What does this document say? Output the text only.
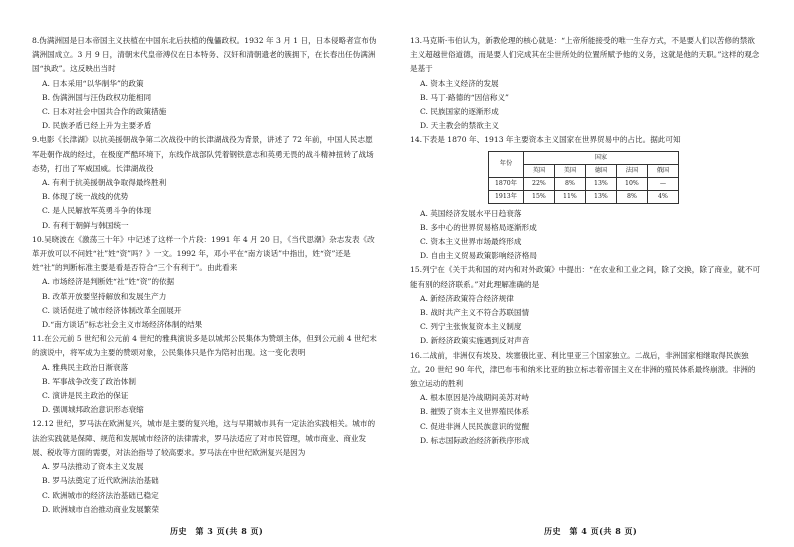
8.伪满洲国是日本帝国主义扶植在中国东北后扶植的傀儡政权。1932 年 3 月 1 日，日本侵略者宣布伪满洲国成立。3 月 9 日，清朝末代皇帝溥仪在日本特务、汉奸和清朝遗老的簇拥下，在长春出任伪满洲国“执政”。这反映出当时

A. 日本采用“以华制华”的政策

B. 伪满洲国与汪伪政权功能相同

C. 日本对社会中国共合作的政策措施

D. 民族矛盾已经上升为主要矛盾

9.电影《长津湖》以抗美援朝战争第二次战役中的长津湖战役为背景，讲述了 72 年前，中国人民志愿军赴朝作战的经过，在极度严酷环境下，东线作战部队凭着钢铁意志和英勇无畏的战斗精神扭转了战场态势，打出了军威国威。长津湖战役

A. 有利于抗美援朝战争取得最终胜利

B. 体现了统一战线的优势

C. 是人民解放军英勇斗争的体现

D. 有利于朝鲜与韩国统一

10.吴晓波在《激荡三十年》中记述了这样一个片段：1991 年 4 月 20 日，《当代思潮》杂志发表《改革开放可以不问姓“社”姓“资”吗？》一文。1992 年，邓小平在“南方谈话”中指出，姓“资”还是姓“社”的判断标准主要是看是否符合“三个有利于”。由此看来

A. 市场经济是判断姓“社”姓“资”的依据

B. 改革开放要坚持解放和发展生产力

C. 谈话促进了城市经济体制改革全面展开

D.“南方谈话”标志社会主义市场经济体制的结果

11.在公元前 5 世纪和公元前 4 世纪的雅典演说多是以城邦公民集体为赞颂主体，但到公元前 4 世纪末的演说中，将军成为主要的赞颂对象，公民集体只是作为陪衬出现。这一变化表明

A. 雅典民主政治日渐衰落

B. 军事战争改变了政治体制

C. 演讲是民主政治的保证

D. 强调城邦政治意识形态衰缩

12.12 世纪，罗马法在欧洲复兴，城市是主要的复兴地，这与早期城市具有一定法治实践相关。城市的法治实践就是保障、规范和发展城市经济的法律需求，罗马法适应了对市民管理，城市商业、商业发展、税收等方面的需要，对法治指导了较高要求。罗马法在中世纪欧洲复兴是因为

A. 罗马法推动了资本主义发展

B. 罗马法奠定了近代欧洲法治基础

C. 欧洲城市的经济法治基础已稳定

D. 欧洲城市自治推动商业发展繁荣

13.马克斯·韦伯认为，新教伦理的核心就是：“上帝所能接受的唯一生存方式，不是要人们以苦修的禁欲主义超越世俗道德，而是要人们完成其在尘世所处的位置所赋予他的义务，这就是他的天职。”这样的观念是基于

A. 资本主义经济的发展

B. 马丁·路德的“因信称义”

C. 民族国家的逐渐形成

D. 天主教会的禁欲主义

14.下表是 1870 年、1913 年主要资本主义国家在世界贸易中的占比。据此可知

年份	国家				
	英国	美国	德国	法国	俄国
1870年	22%	8%	13%	10%	—
1913年	15%	11%	13%	8%	4%

A. 英国经济发展水平日趋衰落

B. 多中心的世界贸易格局逐渐形成

C. 资本主义世界市场最终形成

D. 自由主义贸易政策影响经济格局

15.列宁在《关于共和国的对内和对外政策》中提出：“在农业和工业之间，除了交换，除了商业，就不可能有别的经济联系。”对此理解准确的是

A. 新经济政策符合经济规律

B. 战时共产主义不符合苏联国情

C. 列宁主张恢复资本主义制度

D. 新经济政策实施遇到反对声音

16.二战前，非洲仅有埃及、埃塞俄比亚、利比里亚三个国家独立。二战后，非洲国家相继取得民族独立。20 世纪 90 年代，津巴布韦和纳米比亚的独立标志着帝国主义在非洲的殖民体系最终崩溃。非洲的独立运动的胜利

A. 根本原因是冷战期间美苏对峙

B. 摧毁了资本主义世界殖民体系

C. 促进非洲人民民族意识的觉醒

D. 标志国际政治经济新秩序形成

历史　第 3 页(共 8 页)	历史　第 4 页(共 8 页)
